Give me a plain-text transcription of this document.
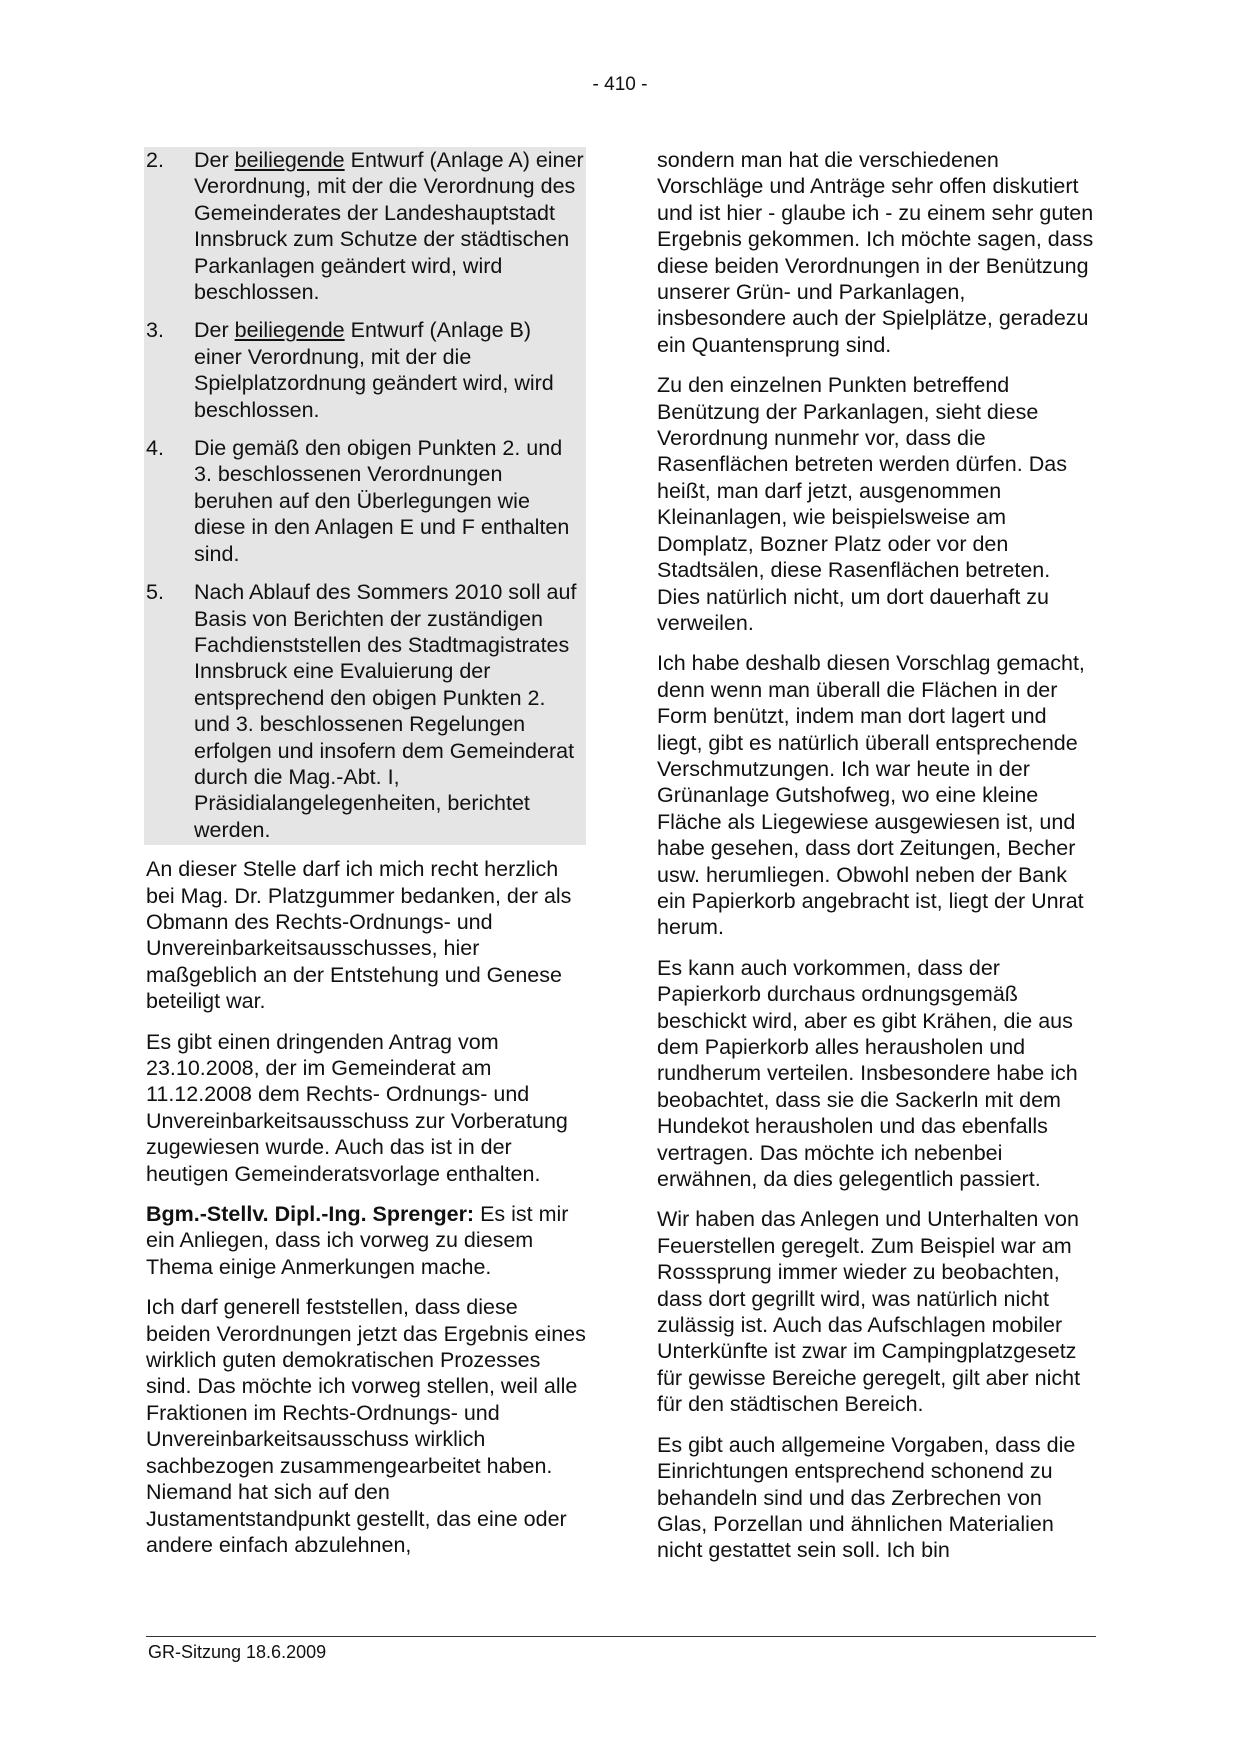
- 410 -
2.	Der beiliegende Entwurf (Anlage A) einer Verordnung, mit der die Verordnung des Gemeinderates der Landeshauptstadt Innsbruck zum Schutze der städtischen Parkanlagen geändert wird, wird beschlossen.
3.	Der beiliegende Entwurf (Anlage B) einer Verordnung, mit der die Spielplatzordnung geändert wird, wird beschlossen.
4.	Die gemäß den obigen Punkten 2. und 3. beschlossenen Verordnungen beruhen auf den Überlegungen wie diese in den Anlagen E und F enthalten sind.
5.	Nach Ablauf des Sommers 2010 soll auf Basis von Berichten der zuständigen Fachdienststellen des Stadtmagistrates Innsbruck eine Evaluierung der entsprechend den obigen Punkten 2. und 3. beschlossenen Regelungen erfolgen und insofern dem Gemeinderat durch die Mag.-Abt. I, Präsidialangelegenheiten, berichtet werden.

An dieser Stelle darf ich mich recht herzlich bei Mag. Dr. Platzgummer bedanken, der als Obmann des Rechts-Ordnungs- und Unvereinbarkeitsausschusses, hier maßgeblich an der Entstehung und Genese beteiligt war.

Es gibt einen dringenden Antrag vom 23.10.2008, der im Gemeinderat am 11.12.2008 dem Rechts- Ordnungs- und Unvereinbarkeitsausschuss zur Vorberatung zugewiesen wurde. Auch das ist in der heutigen Gemeinderatsvorlage enthalten.

Bgm.-Stellv. Dipl.-Ing. Sprenger: Es ist mir ein Anliegen, dass ich vorweg zu diesem Thema einige Anmerkungen mache.

Ich darf generell feststellen, dass diese beiden Verordnungen jetzt das Ergebnis eines wirklich guten demokratischen Prozesses sind. Das möchte ich vorweg stellen, weil alle Fraktionen im Rechts-Ordnungs- und Unvereinbarkeitsausschuss wirklich sachbezogen zusammengearbeitet haben. Niemand hat sich auf den Justamentstandpunkt gestellt, das eine oder andere einfach abzulehnen,

sondern man hat die verschiedenen Vorschläge und Anträge sehr offen diskutiert und ist hier - glaube ich - zu einem sehr guten Ergebnis gekommen. Ich möchte sagen, dass diese beiden Verordnungen in der Benützung unserer Grün- und Parkanlagen, insbesondere auch der Spielplätze, geradezu ein Quantensprung sind.

Zu den einzelnen Punkten betreffend Benützung der Parkanlagen, sieht diese Verordnung nunmehr vor, dass die Rasenflächen betreten werden dürfen. Das heißt, man darf jetzt, ausgenommen Kleinanlagen, wie beispielsweise am Domplatz, Bozner Platz oder vor den Stadtsälen, diese Rasenflächen betreten. Dies natürlich nicht, um dort dauerhaft zu verweilen.

Ich habe deshalb diesen Vorschlag gemacht, denn wenn man überall die Flächen in der Form benützt, indem man dort lagert und liegt, gibt es natürlich überall entsprechende Verschmutzungen. Ich war heute in der Grünanlage Gutshofweg, wo eine kleine Fläche als Liegewiese ausgewiesen ist, und habe gesehen, dass dort Zeitungen, Becher usw. herumliegen. Obwohl neben der Bank ein Papierkorb angebracht ist, liegt der Unrat herum.

Es kann auch vorkommen, dass der Papierkorb durchaus ordnungsgemäß beschickt wird, aber es gibt Krähen, die aus dem Papierkorb alles herausholen und rundherum verteilen. Insbesondere habe ich beobachtet, dass sie die Sackerln mit dem Hundekot herausholen und das ebenfalls vertragen. Das möchte ich nebenbei erwähnen, da dies gelegentlich passiert.

Wir haben das Anlegen und Unterhalten von Feuerstellen geregelt. Zum Beispiel war am Rosssprung immer wieder zu beobachten, dass dort gegrillt wird, was natürlich nicht zulässig ist. Auch das Aufschlagen mobiler Unterkünfte ist zwar im Campingplatzgesetz für gewisse Bereiche geregelt, gilt aber nicht für den städtischen Bereich.

Es gibt auch allgemeine Vorgaben, dass die Einrichtungen entsprechend schonend zu behandeln sind und das Zerbrechen von Glas, Porzellan und ähnlichen Materialien nicht gestattet sein soll. Ich bin

GR-Sitzung 18.6.2009
